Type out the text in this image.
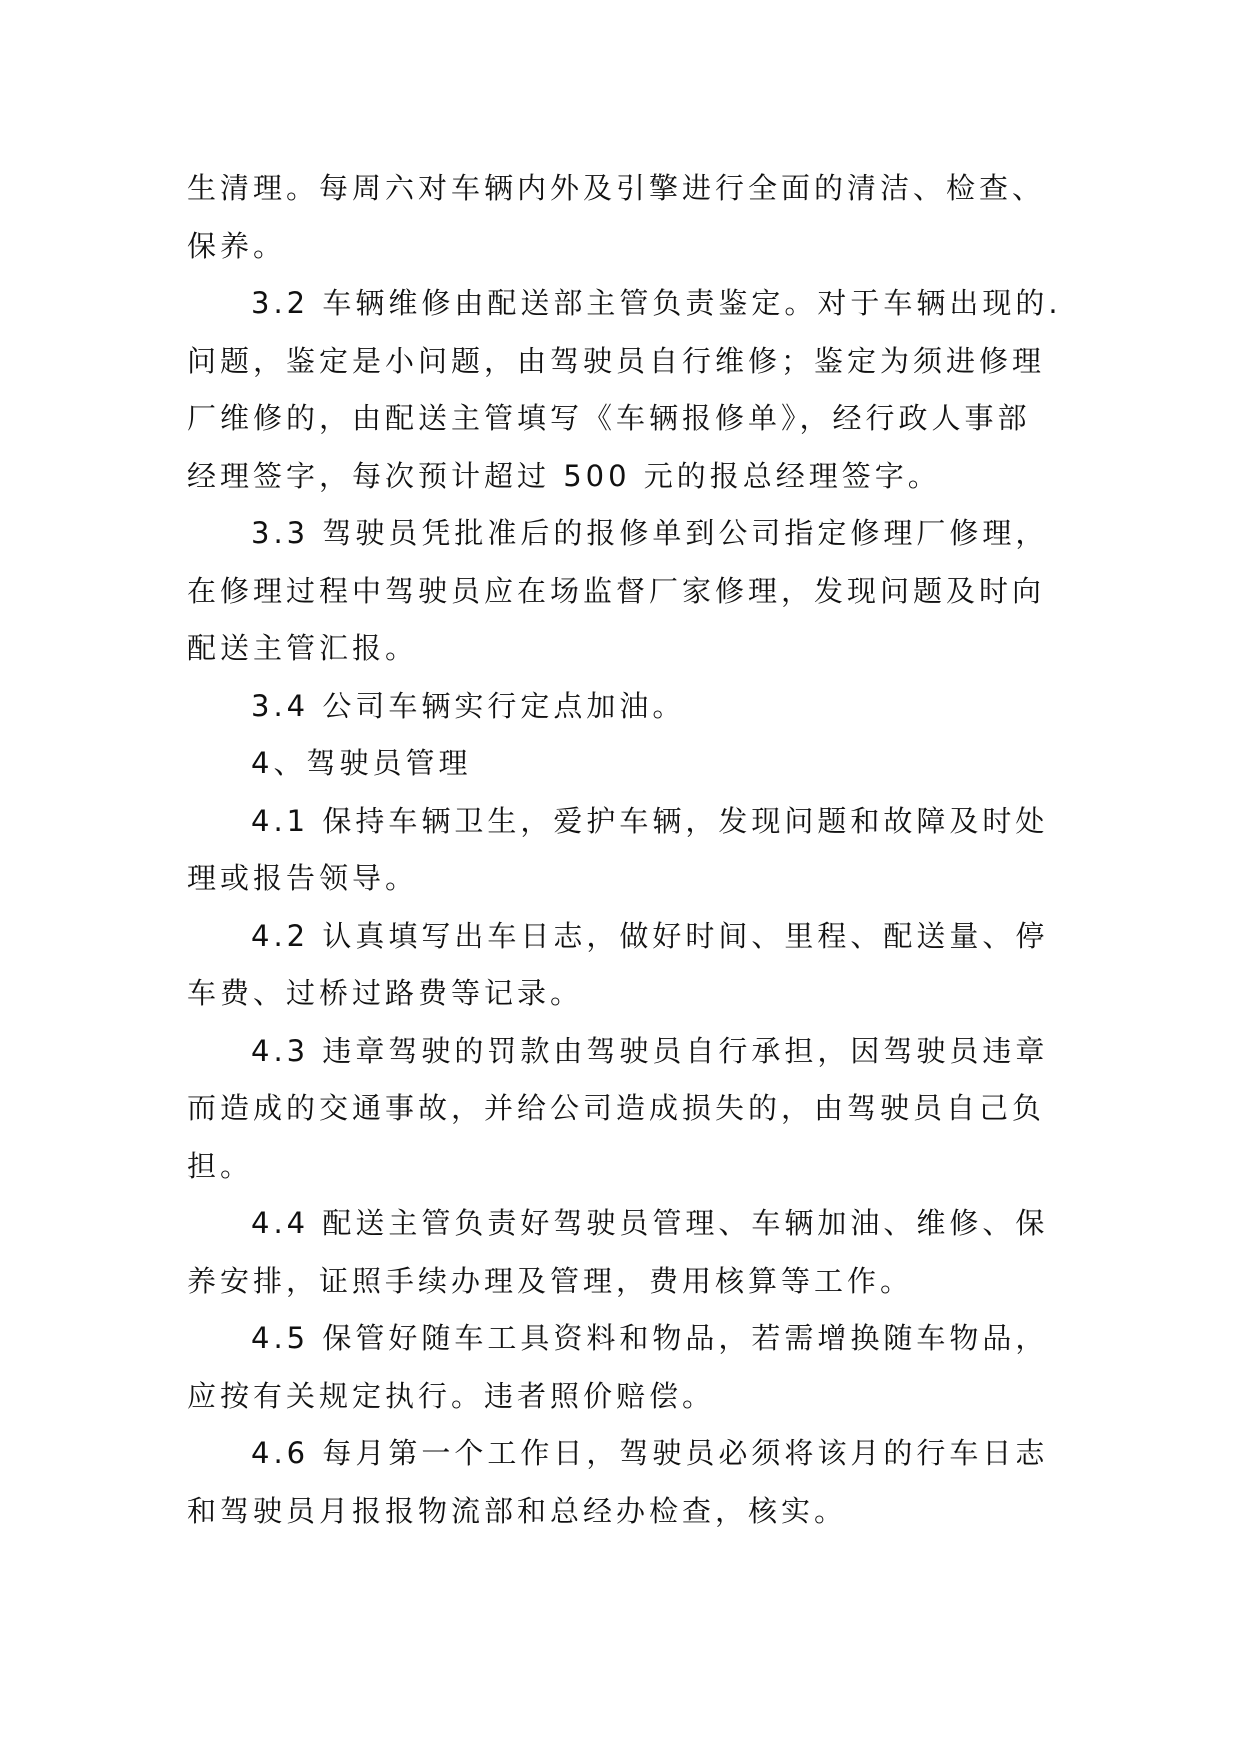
生清理。每周六对车辆内外及引擎进行全面的清洁、检查、
保养。
3.2 车辆维修由配送部主管负责鉴定。对于车辆出现的.
问题，鉴定是小问题，由驾驶员自行维修；鉴定为须进修理
厂维修的，由配送主管填写《车辆报修单》，经行政人事部
经理签字，每次预计超过 500 元的报总经理签字。
3.3 驾驶员凭批准后的报修单到公司指定修理厂修理，
在修理过程中驾驶员应在场监督厂家修理，发现问题及时向
配送主管汇报。
3.4 公司车辆实行定点加油。
4、驾驶员管理
4.1 保持车辆卫生，爱护车辆，发现问题和故障及时处
理或报告领导。
4.2 认真填写出车日志，做好时间、里程、配送量、停
车费、过桥过路费等记录。
4.3 违章驾驶的罚款由驾驶员自行承担，因驾驶员违章
而造成的交通事故，并给公司造成损失的，由驾驶员自己负
担。
4.4 配送主管负责好驾驶员管理、车辆加油、维修、保
养安排，证照手续办理及管理，费用核算等工作。
4.5 保管好随车工具资料和物品，若需增换随车物品，
应按有关规定执行。违者照价赔偿。
4.6 每月第一个工作日，驾驶员必须将该月的行车日志
和驾驶员月报报物流部和总经办检查，核实。
